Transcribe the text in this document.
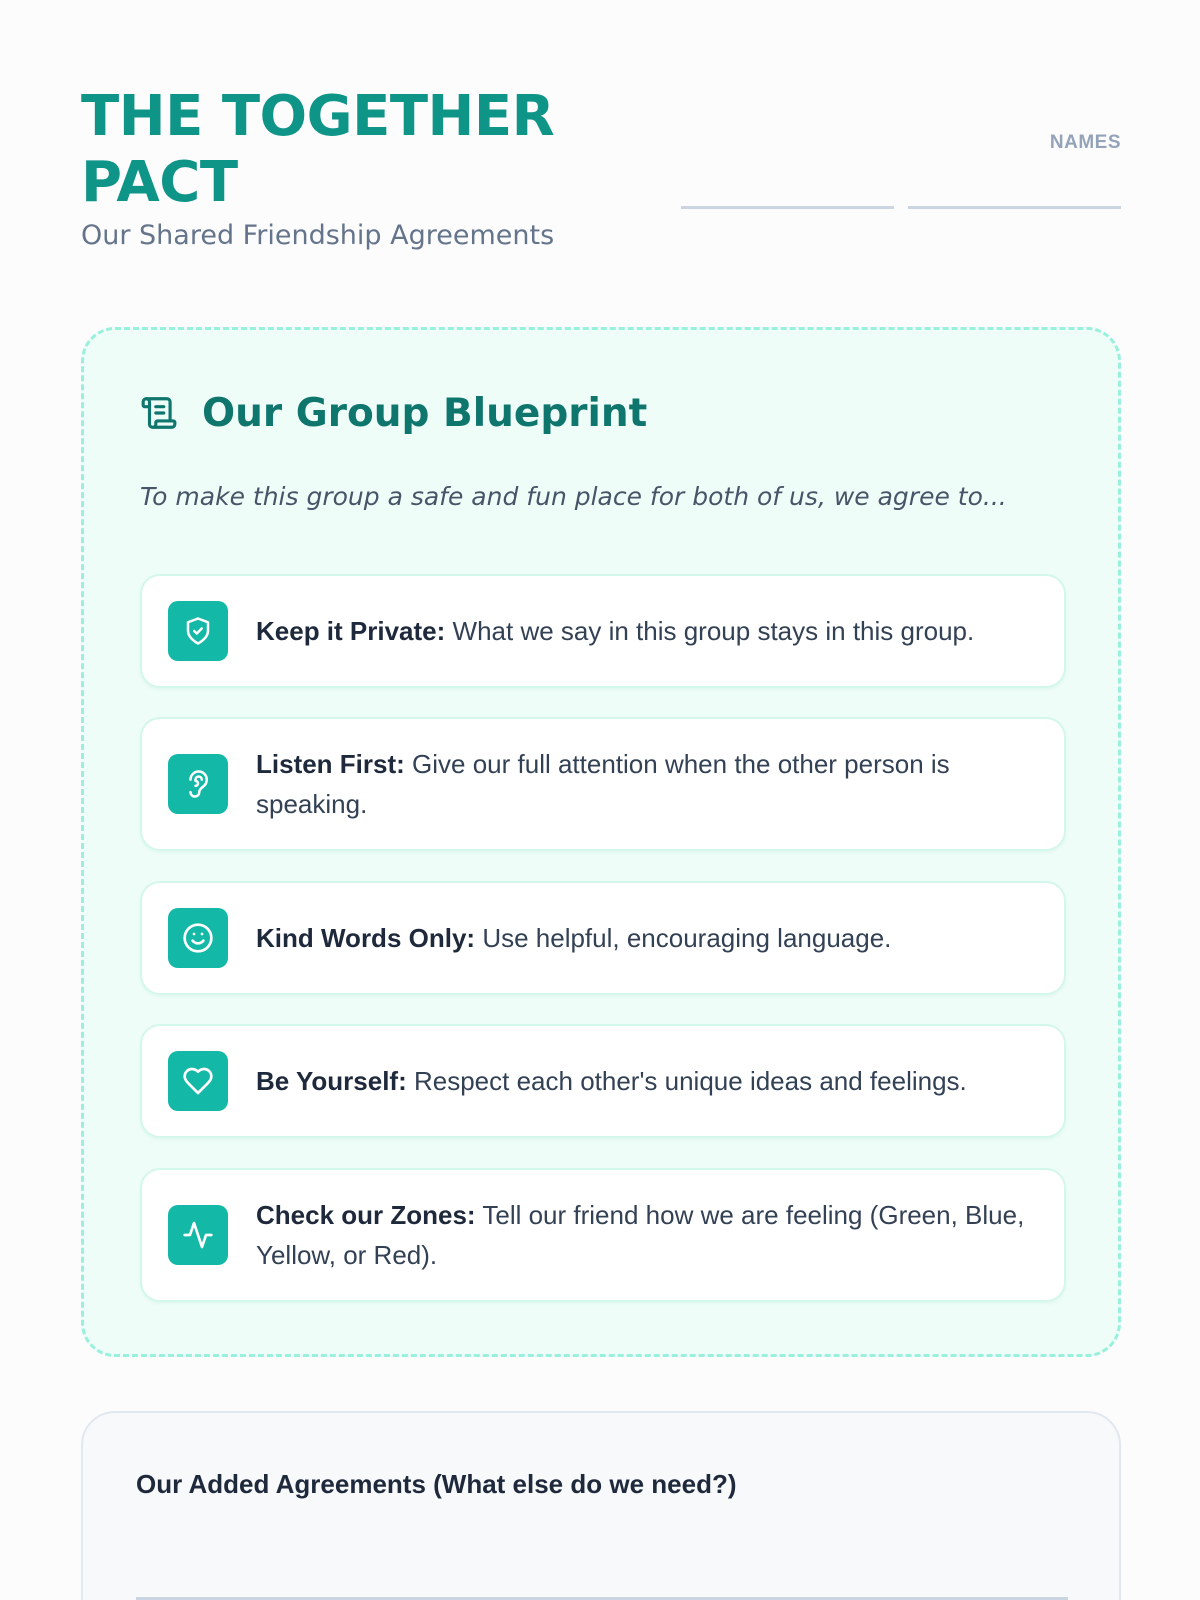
THE TOGETHER PACT
Our Shared Friendship Agreements
NAMES
Our Group Blueprint

To make this group a safe and fun place for both of us, we agree to...

Keep it Private: What we say in this group stays in this group.
Listen First: Give our full attention when the other person is speaking.
Kind Words Only: Use helpful, encouraging language.
Be Yourself: Respect each other's unique ideas and feelings.
Check our Zones: Tell our friend how we are feeling (Green, Blue, Yellow, or Red).
Our Added Agreements (What else do we need?)
